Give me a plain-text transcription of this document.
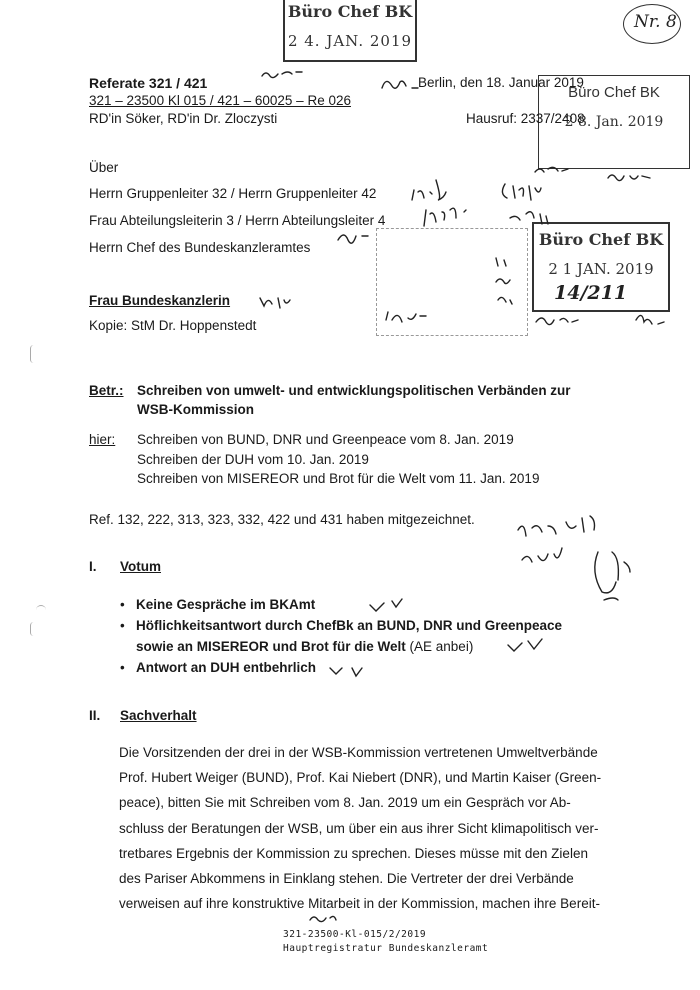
Nr. 8
Büro Chef BK
2 4. JAN. 2019
Büro Chef BK
2 8. Jan. 2019
Büro Chef BK
2 1 JAN. 2019
14/211
Referate 321 / 421
321 – 23500 Kl 015 / 421 – 60025 – Re 026
RD'in Söker, RD'in Dr. Zloczysti
Berlin, den 18. Januar 2019
Hausruf: 2337/2408
Über
Herrn Gruppenleiter 32 / Herrn Gruppenleiter 42
Frau Abteilungsleiterin 3 / Herrn Abteilungsleiter 4
Herrn Chef des Bundeskanzleramtes
Frau Bundeskanzlerin
Kopie: StM Dr. Hoppenstedt
Betr.: Schreiben von umwelt- und entwicklungspolitischen Verbänden zur
WSB-Kommission
hier: Schreiben von BUND, DNR und Greenpeace vom 8. Jan. 2019
Schreiben der DUH vom 10. Jan. 2019
Schreiben von MISEREOR und Brot für die Welt vom 11. Jan. 2019
Ref. 132, 222, 313, 323, 332, 422 und 431 haben mitgezeichnet.
I. Votum
• Keine Gespräche im BKAmt
• Höflichkeitsantwort durch ChefBk an BUND, DNR und Greenpeace
sowie an MISEREOR und Brot für die Welt (AE anbei)
• Antwort an DUH entbehrlich
II. Sachverhalt
Die Vorsitzenden der drei in der WSB-Kommission vertretenen Umweltverbände
Prof. Hubert Weiger (BUND), Prof. Kai Niebert (DNR), und Martin Kaiser (Green-
peace), bitten Sie mit Schreiben vom 8. Jan. 2019 um ein Gespräch vor Ab-
schluss der Beratungen der WSB, um über ein aus ihrer Sicht klimapolitisch ver-
tretbares Ergebnis der Kommission zu sprechen. Dieses müsse mit den Zielen
des Pariser Abkommens in Einklang stehen. Die Vertreter der drei Verbände
verweisen auf ihre konstruktive Mitarbeit in der Kommission, machen ihre Bereit-
321-23500-Kl-015/2/2019
Hauptregistratur Bundeskanzleramt
